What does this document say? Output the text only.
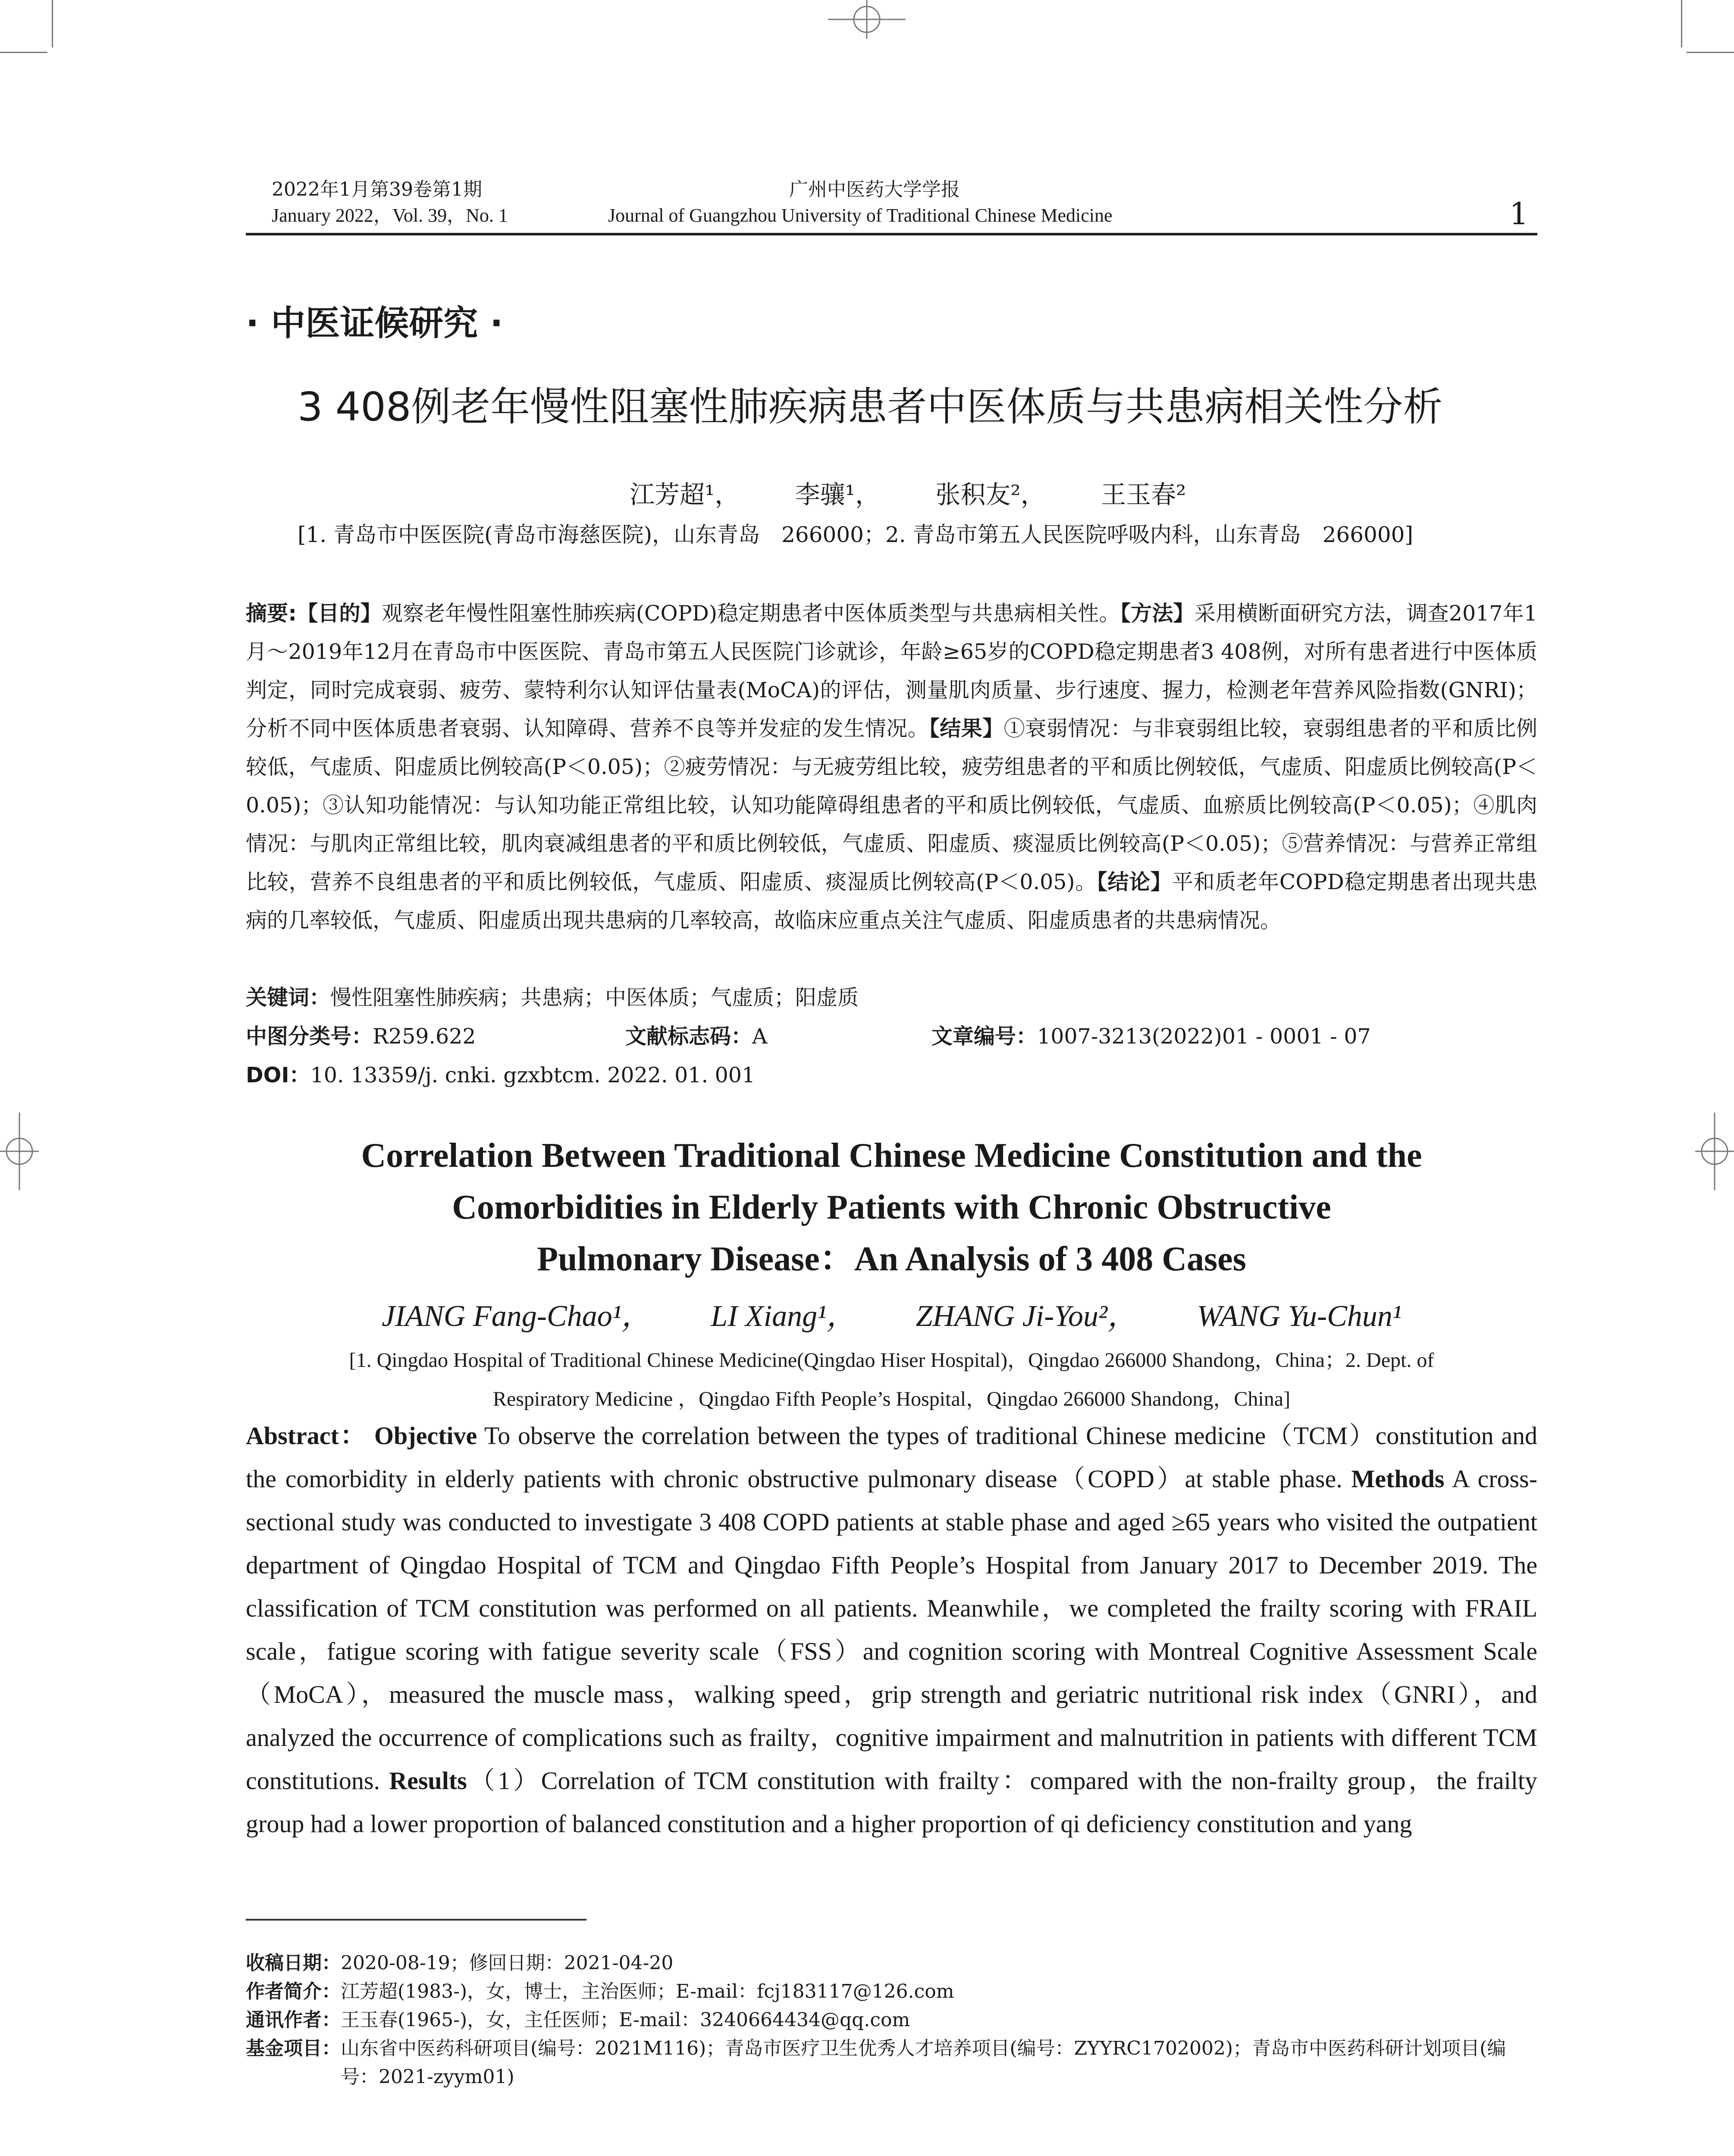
2022年1月第39卷第1期
January 2022，Vol. 39，No. 1
广州中医药大学学报
Journal of Guangzhou University of Traditional Chinese Medicine	1
· 中医证候研究 ·
3 408例老年慢性阻塞性肺疾病患者中医体质与共患病相关性分析
江芳超¹， 李骧¹， 张积友²， 王玉春²
[1. 青岛市中医医院(青岛市海慈医院)，山东青岛　266000；2. 青岛市第五人民医院呼吸内科，山东青岛　266000]
摘要:【目的】观察老年慢性阻塞性肺疾病(COPD)稳定期患者中医体质类型与共患病相关性。【方法】采用横断面研究方法，调查2017年1月～2019年12月在青岛市中医医院、青岛市第五人民医院门诊就诊，年龄≥65岁的COPD稳定期患者3 408例，对所有患者进行中医体质判定，同时完成衰弱、疲劳、蒙特利尔认知评估量表(MoCA)的评估，测量肌肉质量、步行速度、握力，检测老年营养风险指数(GNRI)；分析不同中医体质患者衰弱、认知障碍、营养不良等并发症的发生情况。【结果】①衰弱情况：与非衰弱组比较，衰弱组患者的平和质比例较低，气虚质、阳虚质比例较高(P＜0.05)；②疲劳情况：与无疲劳组比较，疲劳组患者的平和质比例较低，气虚质、阳虚质比例较高(P＜0.05)；③认知功能情况：与认知功能正常组比较，认知功能障碍组患者的平和质比例较低，气虚质、血瘀质比例较高(P＜0.05)；④肌肉情况：与肌肉正常组比较，肌肉衰减组患者的平和质比例较低，气虚质、阳虚质、痰湿质比例较高(P＜0.05)；⑤营养情况：与营养正常组比较，营养不良组患者的平和质比例较低，气虚质、阳虚质、痰湿质比例较高(P＜0.05)。【结论】平和质老年COPD稳定期患者出现共患病的几率较低，气虚质、阳虚质出现共患病的几率较高，故临床应重点关注气虚质、阳虚质患者的共患病情况。
关键词：慢性阻塞性肺疾病；共患病；中医体质；气虚质；阳虚质
中图分类号：R259.622	文献标志码：A	文章编号：1007-3213(2022)01 - 0001 - 07
DOI：10. 13359/j. cnki. gzxbtcm. 2022. 01. 001
Correlation Between Traditional Chinese Medicine Constitution and the
Comorbidities in Elderly Patients with Chronic Obstructive
Pulmonary Disease：An Analysis of 3 408 Cases
JIANG Fang-Chao¹， LI Xiang¹， ZHANG Ji-You²， WANG Yu-Chun¹
[1. Qingdao Hospital of Traditional Chinese Medicine(Qingdao Hiser Hospital)，Qingdao 266000 Shandong，China；2. Dept. of
Respiratory Medicine ，Qingdao Fifth People’s Hospital，Qingdao 266000 Shandong，China]
Abstract： Objective To observe the correlation between the types of traditional Chinese medicine（TCM）constitution and the comorbidity in elderly patients with chronic obstructive pulmonary disease（COPD）at stable phase. Methods A cross-sectional study was conducted to investigate 3 408 COPD patients at stable phase and aged ≥65 years who visited the outpatient department of Qingdao Hospital of TCM and Qingdao Fifth People’s Hospital from January 2017 to December 2019. The classification of TCM constitution was performed on all patients. Meanwhile，we completed the frailty scoring with FRAIL scale，fatigue scoring with fatigue severity scale（FSS）and cognition scoring with Montreal Cognitive Assessment Scale（MoCA），measured the muscle mass，walking speed，grip strength and geriatric nutritional risk index（GNRI），and analyzed the occurrence of complications such as frailty，cognitive impairment and malnutrition in patients with different TCM constitutions. Results（1）Correlation of TCM constitution with frailty：compared with the non-frailty group，the frailty group had a lower proportion of balanced constitution and a higher proportion of qi deficiency constitution and yang
收稿日期： 2020-08-19；修回日期：2021-04-20
作者简介： 江芳超(1983-)，女，博士，主治医师；E-mail：fcj183117@126.com
通讯作者： 王玉春(1965-)，女，主任医师；E-mail：3240664434@qq.com
基金项目： 山东省中医药科研项目(编号：2021M116)；青岛市医疗卫生优秀人才培养项目(编号：ZYYRC1702002)；青岛市中医药科研计划项目(编号：2021-zyym01)
